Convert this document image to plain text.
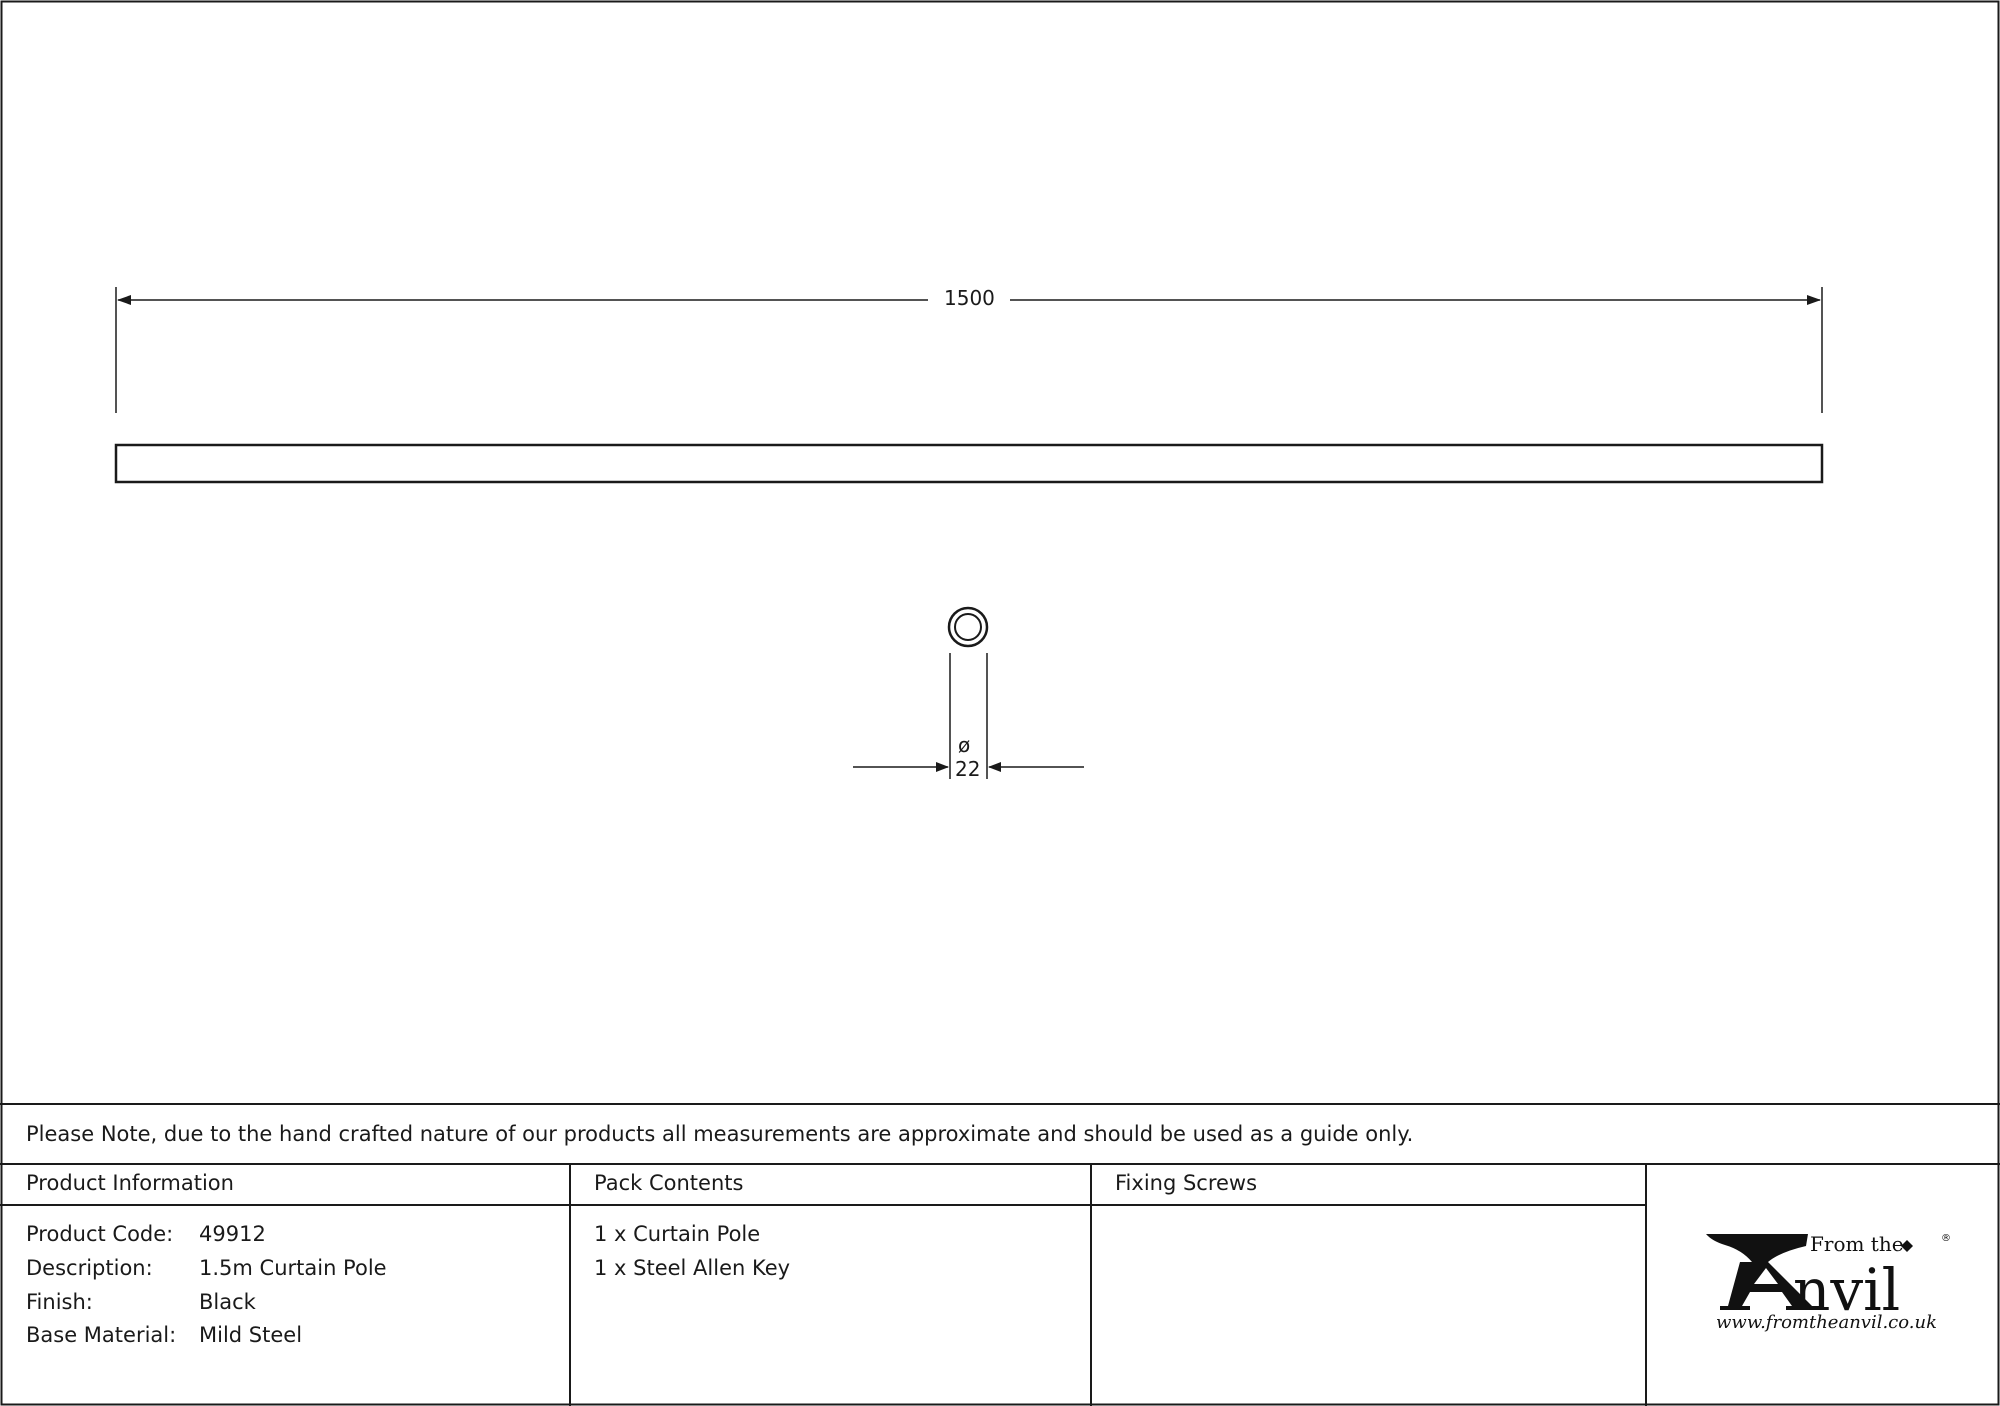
nvil
®
1500
ø
22
Please Note, due to the hand crafted nature of our products all measurements are approximate and should be used as a guide only.
Product Information	Pack Contents	Fixing Screws
Product Code: 49912
Description: 1.5m Curtain Pole
Finish:	Black
Base Material: Mild Steel
1 x Curtain Pole
1 x Steel Allen Key
From the
www.fromtheanvil.co.uk
